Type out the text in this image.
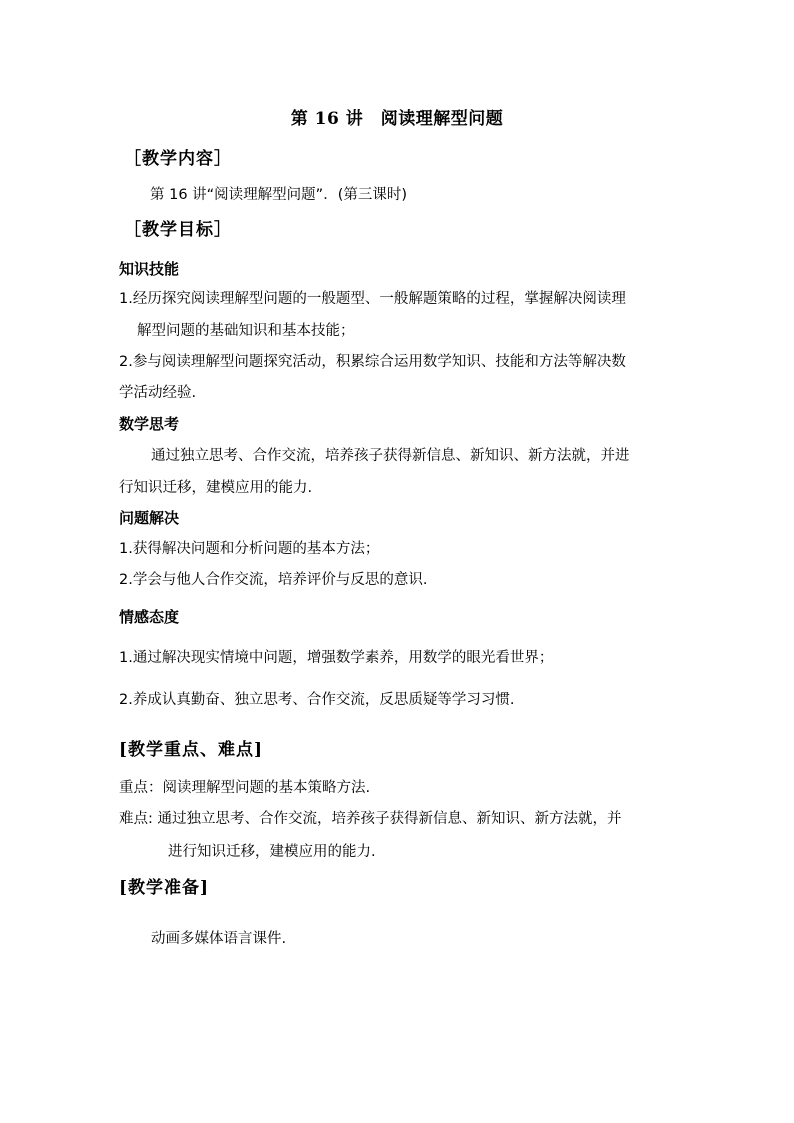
第 16 讲　阅读理解型问题
［教学内容］
第 16 讲“阅读理解型问题”．(第三课时)
［教学目标］
知识技能
1.经历探究阅读理解型问题的一般题型、一般解题策略的过程，掌握解决阅读理
解型问题的基础知识和基本技能；
2.参与阅读理解型问题探究活动，积累综合运用数学知识、技能和方法等解决数
学活动经验.
数学思考
通过独立思考、合作交流，培养孩子获得新信息、新知识、新方法就，并进
行知识迁移，建模应用的能力.
问题解决
1.获得解决问题和分析问题的基本方法；
2.学会与他人合作交流，培养评价与反思的意识.
情感态度
1.通过解决现实情境中问题，增强数学素养，用数学的眼光看世界；
2.养成认真勤奋、独立思考、合作交流，反思质疑等学习习惯.
[教学重点、难点]
重点：阅读理解型问题的基本策略方法.
难点: 通过独立思考、合作交流，培养孩子获得新信息、新知识、新方法就，并
进行知识迁移，建模应用的能力.
[教学准备]
动画多媒体语言课件.
